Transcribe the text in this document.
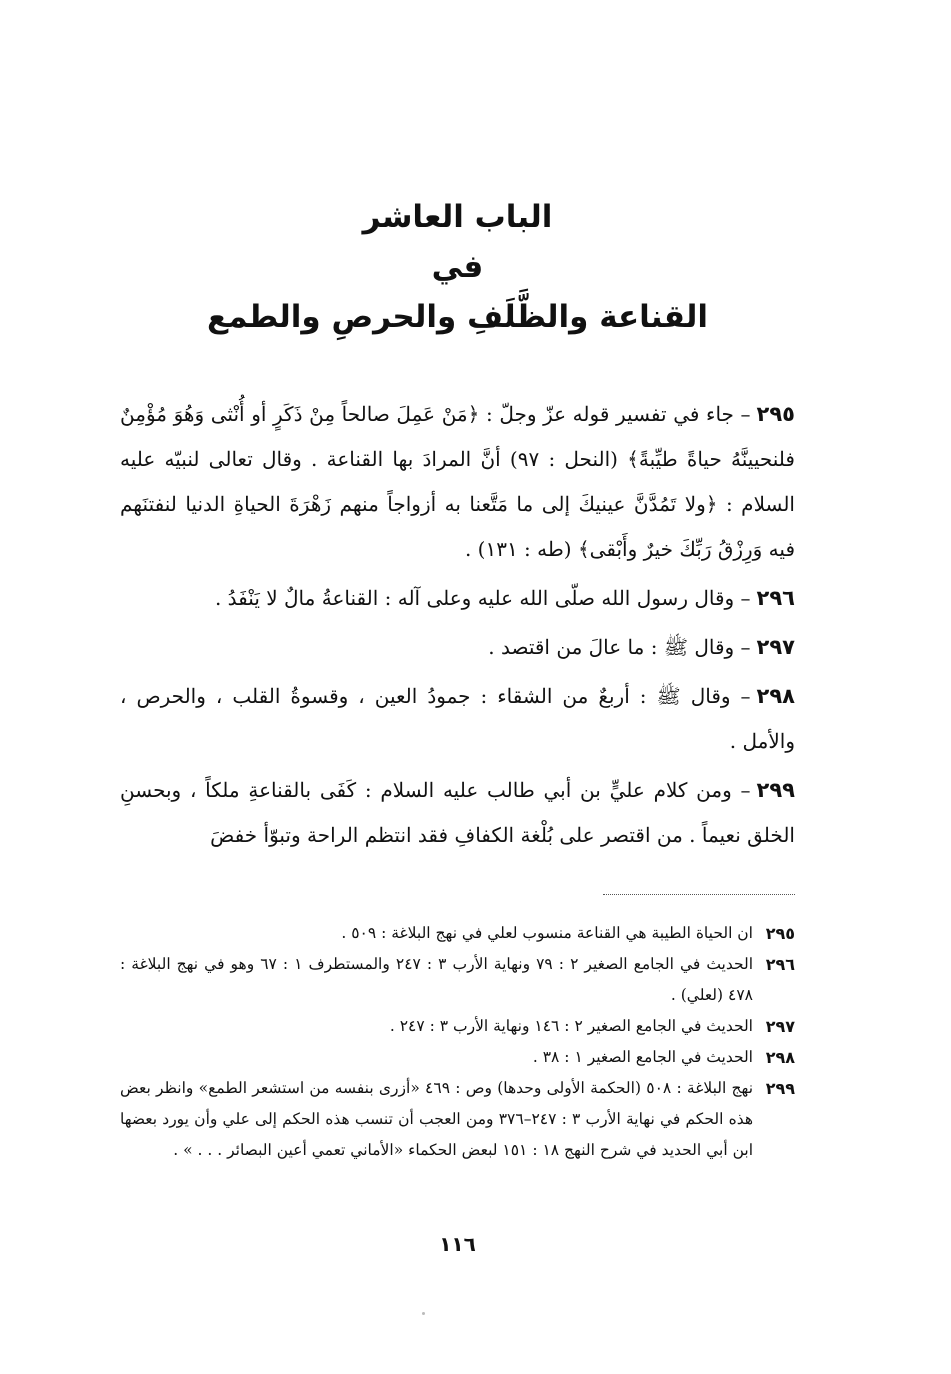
الباب العاشر
في
القناعة والظَّلَفِ والحرصِ والطمع

٢٩٥– جاء في تفسير قوله عزّ وجلّ : ﴿مَنْ عَمِلَ صالحاً مِنْ ذَكَرٍ أو أُنْثى وَهُوَ مُؤْمِنٌ فلنحيينَّهُ حياةً طيِّبةً﴾ (النحل : ٩٧) أنَّ المرادَ بها القناعة . وقال تعالى لنبيّه عليه السلام : ﴿ولا تَمُدَّنَّ عينيكَ إلى ما مَتَّعنا به أزواجاً منهم زَهْرَةَ الحياةِ الدنيا لنفتنَهم فيه وَرِزْقُ رَبِّكَ خيرٌ وأَبْقى﴾ (طه : ١٣١) .

٢٩٦– وقال رسول الله صلّى الله عليه وعلى آله : القناعةُ مالٌ لا يَنْفَدُ .

٢٩٧– وقال ﷺ : ما عالَ من اقتصد .

٢٩٨– وقال ﷺ : أربعٌ من الشقاء : جمودُ العين ، وقسوةُ القلب ، والحرص ، والأمل .

٢٩٩– ومن كلام عليٍّ بن أبي طالب عليه السلام : كَفَى بالقناعةِ ملكاً ، وبحسنِ الخلق نعيماً . من اقتصر على بُلْغة الكفافِ فقد انتظم الراحة وتبوّأ خفضَ

٢٩٥
ان الحياة الطيبة هي القناعة منسوب لعلي في نهج البلاغة : ٥٠٩ .
٢٩٦
الحديث في الجامع الصغير ٢ : ٧٩ ونهاية الأرب ٣ : ٢٤٧ والمستطرف ١ : ٦٧ وهو في نهج البلاغة : ٤٧٨ (لعلي) .
٢٩٧
الحديث في الجامع الصغير ٢ : ١٤٦ ونهاية الأرب ٣ : ٢٤٧ .
٢٩٨
الحديث في الجامع الصغير ١ : ٣٨ .
٢٩٩
نهج البلاغة : ٥٠٨ (الحكمة الأولى وحدها) وص : ٤٦٩ «أزرى بنفسه من استشعر الطمع» وانظر بعض هذه الحكم في نهاية الأرب ٣ : ٢٤٧–٣٧٦ ومن العجب أن تنسب هذه الحكم إلى علي وأن يورد بعضها ابن أبي الحديد في شرح النهج ١٨ : ١٥١ لبعض الحكماء «الأماني تعمي أعين البصائر . . . » .
١١٦
